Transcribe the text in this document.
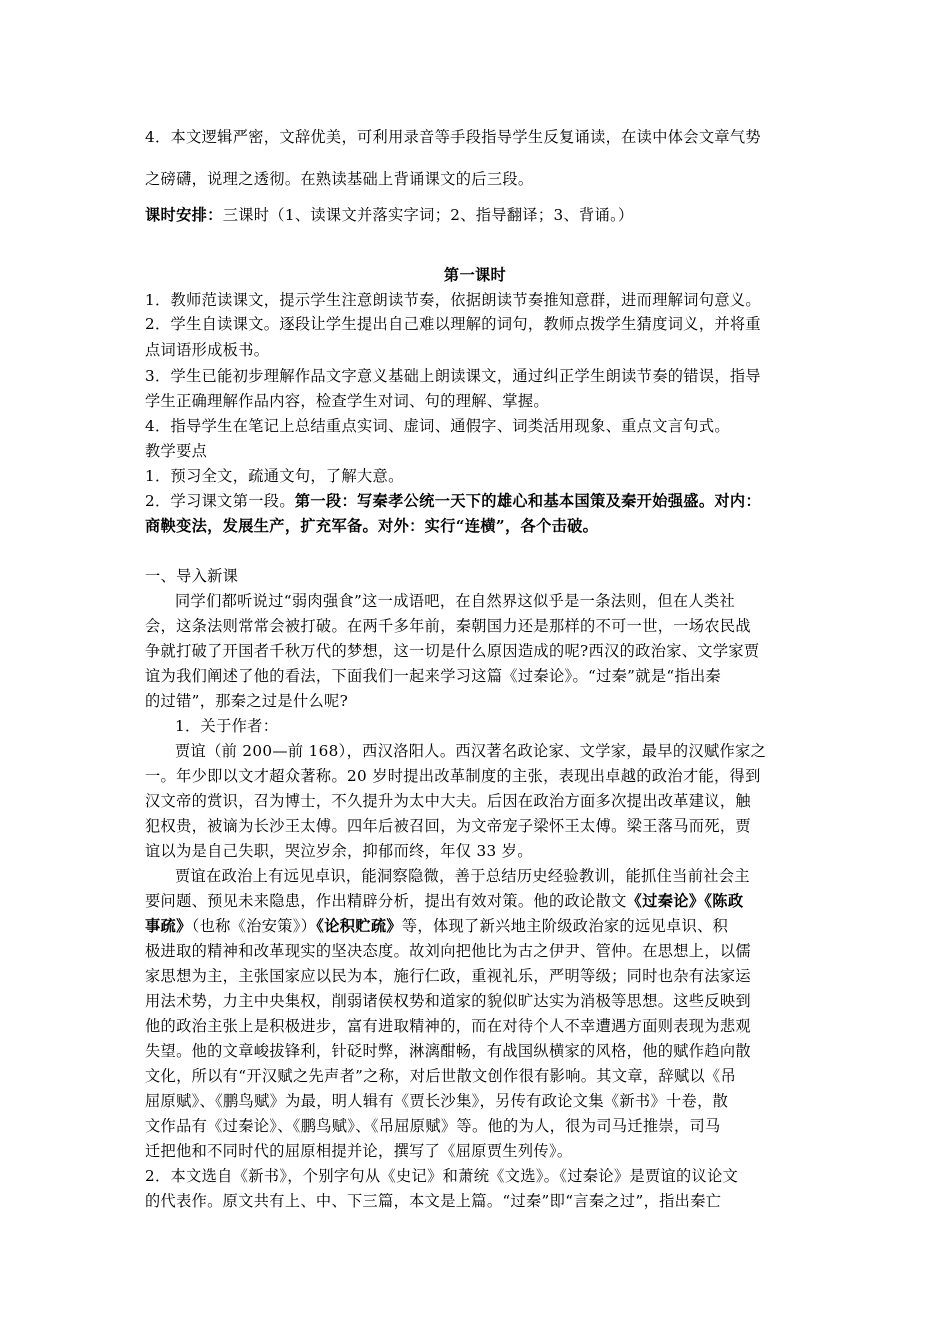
4．本文逻辑严密，文辞优美，可利用录音等手段指导学生反复诵读，在读中体会文章气势
之磅礴，说理之透彻。在熟读基础上背诵课文的后三段。
课时安排：三课时（1、读课文并落实字词；2、指导翻译；3、背诵。）
第一课时
1．教师范读课文，提示学生注意朗读节奏，依据朗读节奏推知意群，进而理解词句意义。
2．学生自读课文。逐段让学生提出自己难以理解的词句，教师点拨学生猜度词义，并将重
点词语形成板书。
3．学生已能初步理解作品文字意义基础上朗读课文，通过纠正学生朗读节奏的错误，指导
学生正确理解作品内容，检查学生对词、句的理解、掌握。
4．指导学生在笔记上总结重点实词、虚词、通假字、词类活用现象、重点文言句式。
教学要点
1．预习全文，疏通文句，了解大意。
2．学习课文第一段。第一段：写秦孝公统一天下的雄心和基本国策及秦开始强盛。对内：
商鞅变法，发展生产，扩充军备。对外：实行“连横”，各个击破。
一、导入新课
同学们都听说过“弱肉强食”这一成语吧，在自然界这似乎是一条法则，但在人类社
会，这条法则常常会被打破。在两千多年前，秦朝国力还是那样的不可一世，一场农民战
争就打破了开国者千秋万代的梦想，这一切是什么原因造成的呢?西汉的政治家、文学家贾
谊为我们阐述了他的看法，下面我们一起来学习这篇《过秦论》。“过秦”就是“指出秦
的过错”，那秦之过是什么呢?
1．关于作者：
贾谊（前 200—前 168），西汉洛阳人。西汉著名政论家、文学家，最早的汉赋作家之
一。年少即以文才超众著称。20 岁时提出改革制度的主张，表现出卓越的政治才能，得到
汉文帝的赏识，召为博士，不久提升为太中大夫。后因在政治方面多次提出改革建议，触
犯权贵，被谪为长沙王太傅。四年后被召回，为文帝宠子梁怀王太傅。梁王落马而死，贾
谊以为是自己失职，哭泣岁余，抑郁而终，年仅 33 岁。
贾谊在政治上有远见卓识，能洞察隐微，善于总结历史经验教训，能抓住当前社会主
要问题、预见未来隐患，作出精辟分析，提出有效对策。他的政论散文《过秦论》《陈政
事疏》（也称《治安策》）《论积贮疏》等，体现了新兴地主阶级政治家的远见卓识、积
极进取的精神和改革现实的坚决态度。故刘向把他比为古之伊尹、管仲。在思想上，以儒
家思想为主，主张国家应以民为本，施行仁政，重视礼乐，严明等级；同时也杂有法家运
用法术势，力主中央集权，削弱诸侯权势和道家的貌似旷达实为消极等思想。这些反映到
他的政治主张上是积极进步，富有进取精神的，而在对待个人不幸遭遇方面则表现为悲观
失望。他的文章峻拔锋利，针砭时弊，淋漓酣畅，有战国纵横家的风格，他的赋作趋向散
文化，所以有“开汉赋之先声者”之称，对后世散文创作很有影响。其文章，辞赋以《吊
屈原赋》、《鹏鸟赋》为最，明人辑有《贾长沙集》，另传有政论文集《新书》十卷，散
文作品有《过秦论》、《鹏鸟赋》、《吊屈原赋》等。他的为人，很为司马迁推崇，司马
迁把他和不同时代的屈原相提并论，撰写了《屈原贾生列传》。
2．本文选自《新书》，个别字句从《史记》和萧统《文选》。《过秦论》是贾谊的议论文
的代表作。原文共有上、中、下三篇，本文是上篇。“过秦”即“言秦之过”，指出秦亡
